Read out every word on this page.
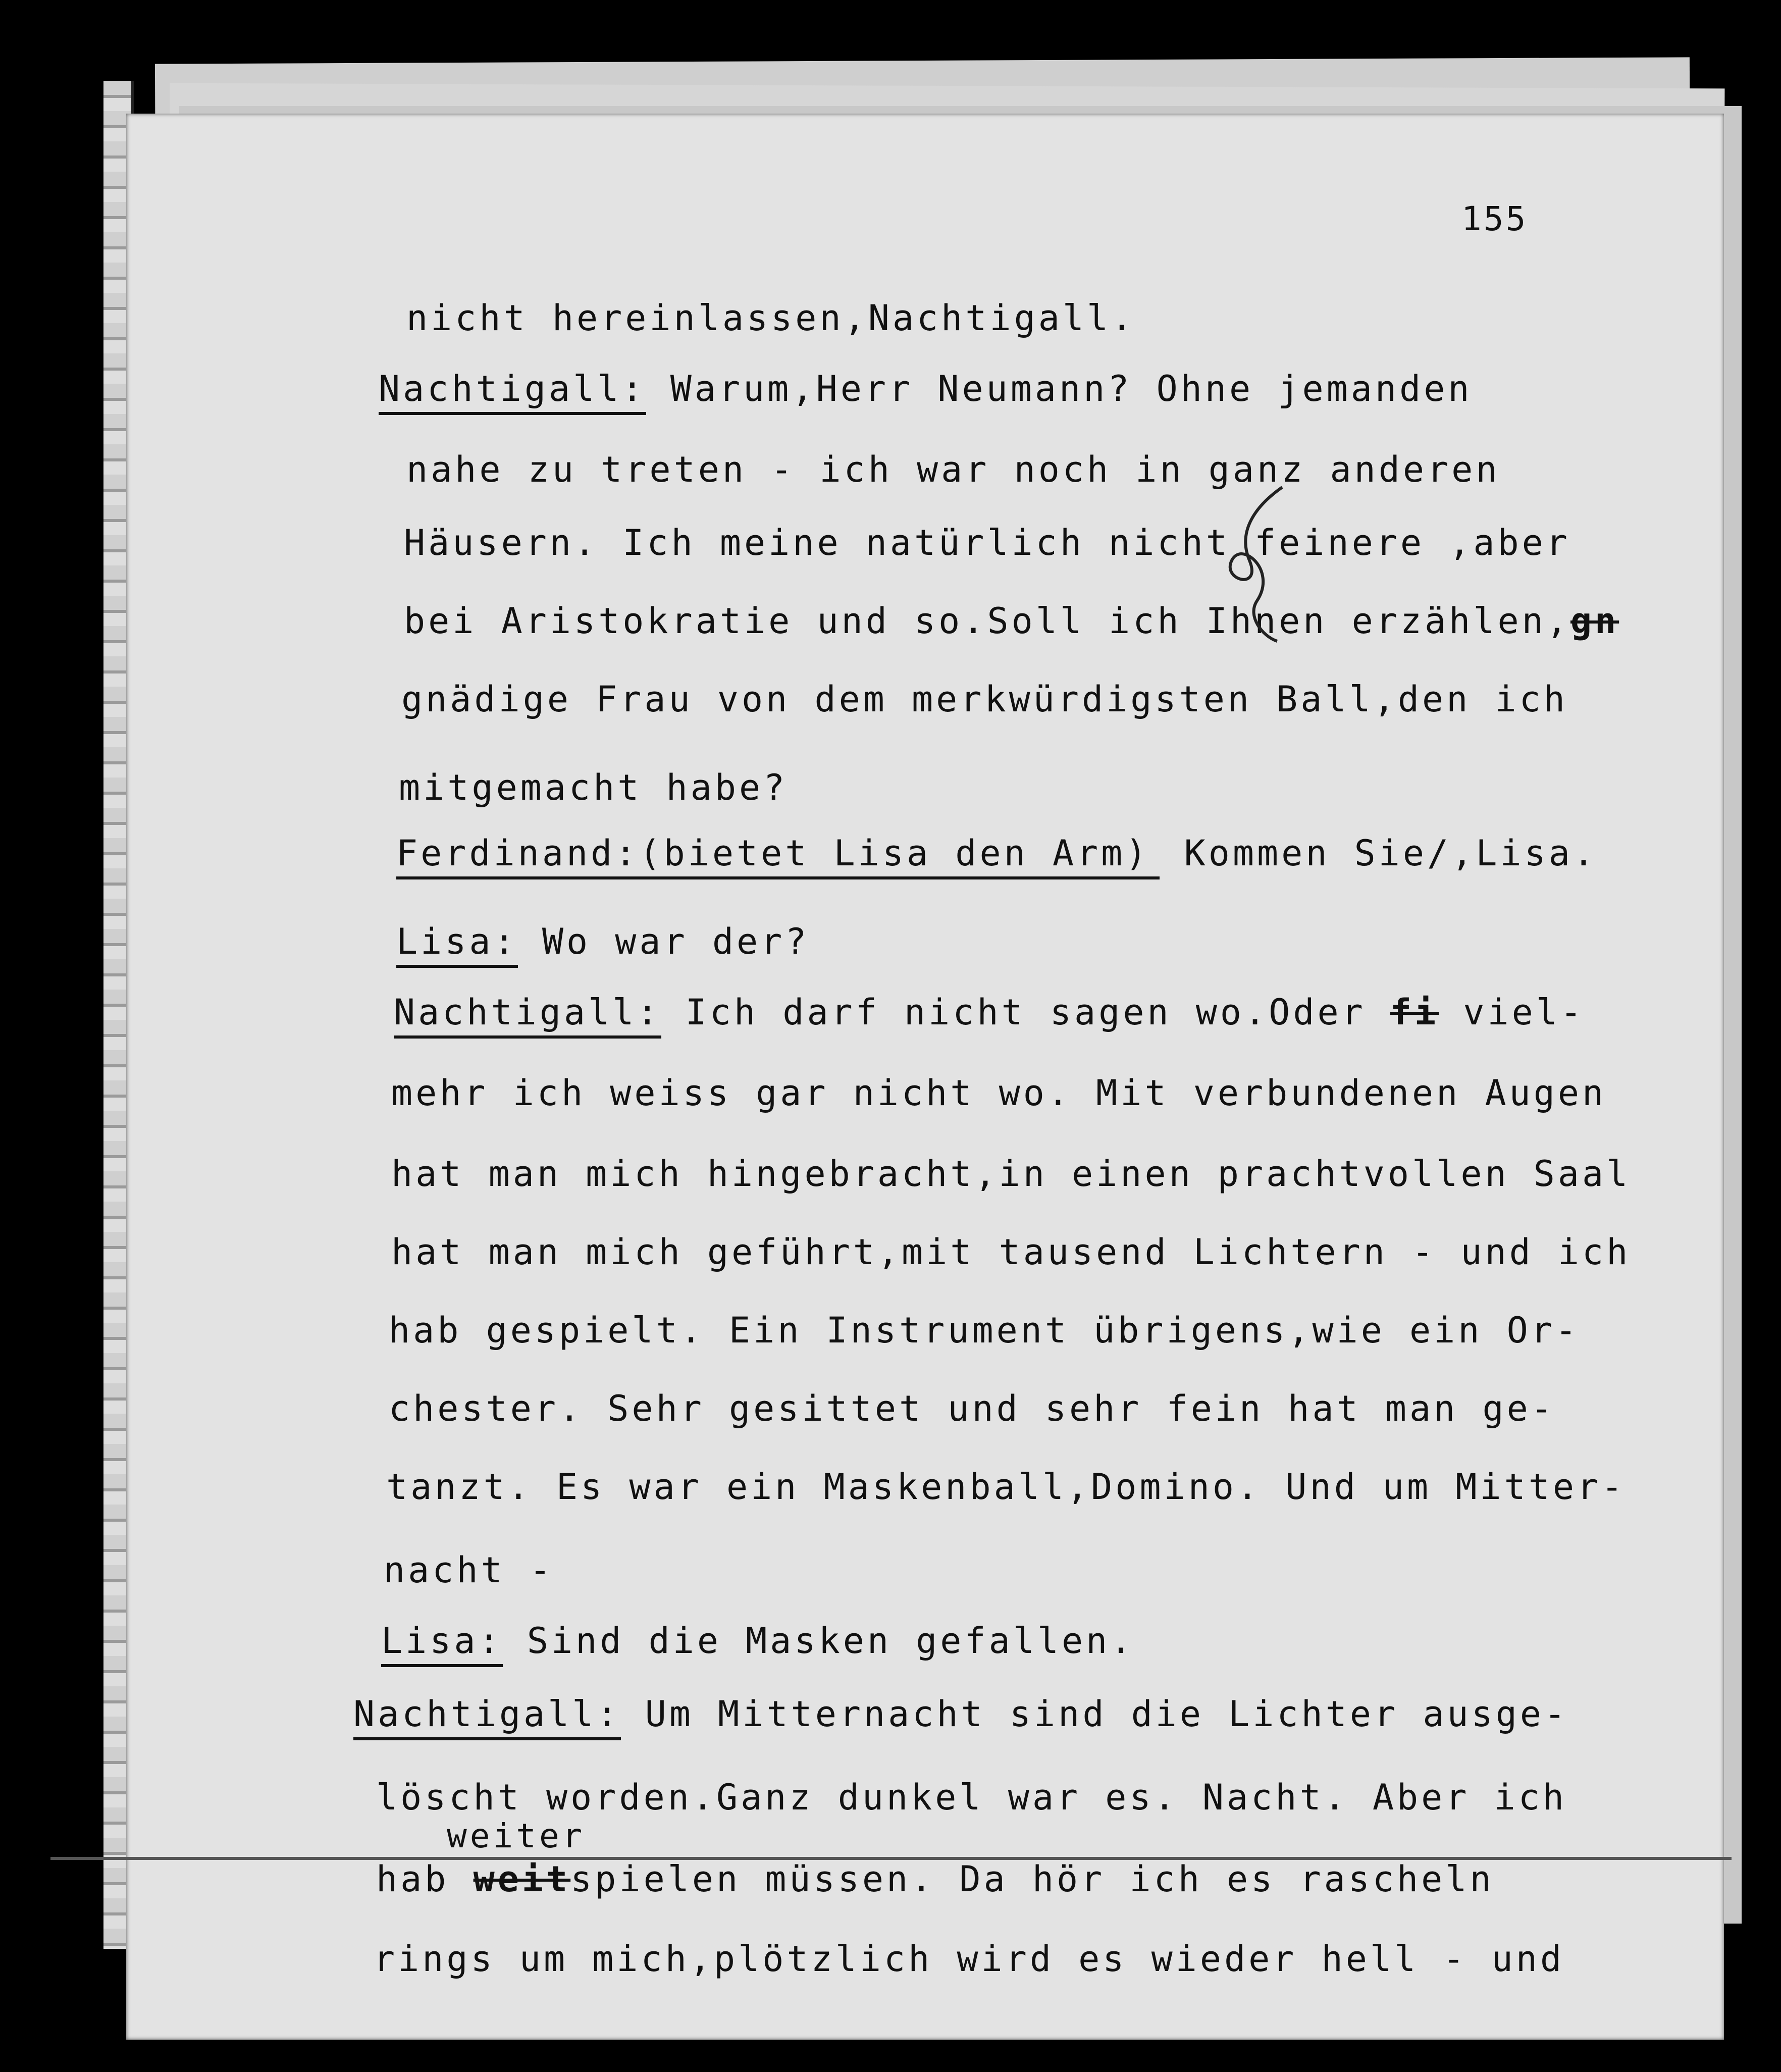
155
nicht hereinlassen,Nachtigall.
Nachtigall: Warum,Herr Neumann? Ohne jemanden
nahe zu treten - ich war noch in ganz anderen
Häusern. Ich meine natürlich nicht feinere ,aber
bei Aristokratie und so.Soll ich Ihnen erzählen,gn
gnädige Frau von dem merkwürdigsten Ball,den ich
mitgemacht habe?
Ferdinand:(bietet Lisa den Arm) Kommen Sie/,Lisa.
Lisa: Wo war der?
Nachtigall: Ich darf nicht sagen wo.Oder fi viel-
mehr ich weiss gar nicht wo. Mit verbundenen Augen
hat man mich hingebracht,in einen prachtvollen Saal
hat man mich geführt,mit tausend Lichtern - und ich
hab gespielt. Ein Instrument übrigens,wie ein Or-
chester. Sehr gesittet und sehr fein hat man ge-
tanzt. Es war ein Maskenball,Domino. Und um Mitter-
nacht -
Lisa: Sind die Masken gefallen.
Nachtigall: Um Mitternacht sind die Lichter ausge-
löscht worden.Ganz dunkel war es. Nacht. Aber ich
weiter
hab weitspielen müssen. Da hör ich es rascheln
rings um mich,plötzlich wird es wieder hell - und
